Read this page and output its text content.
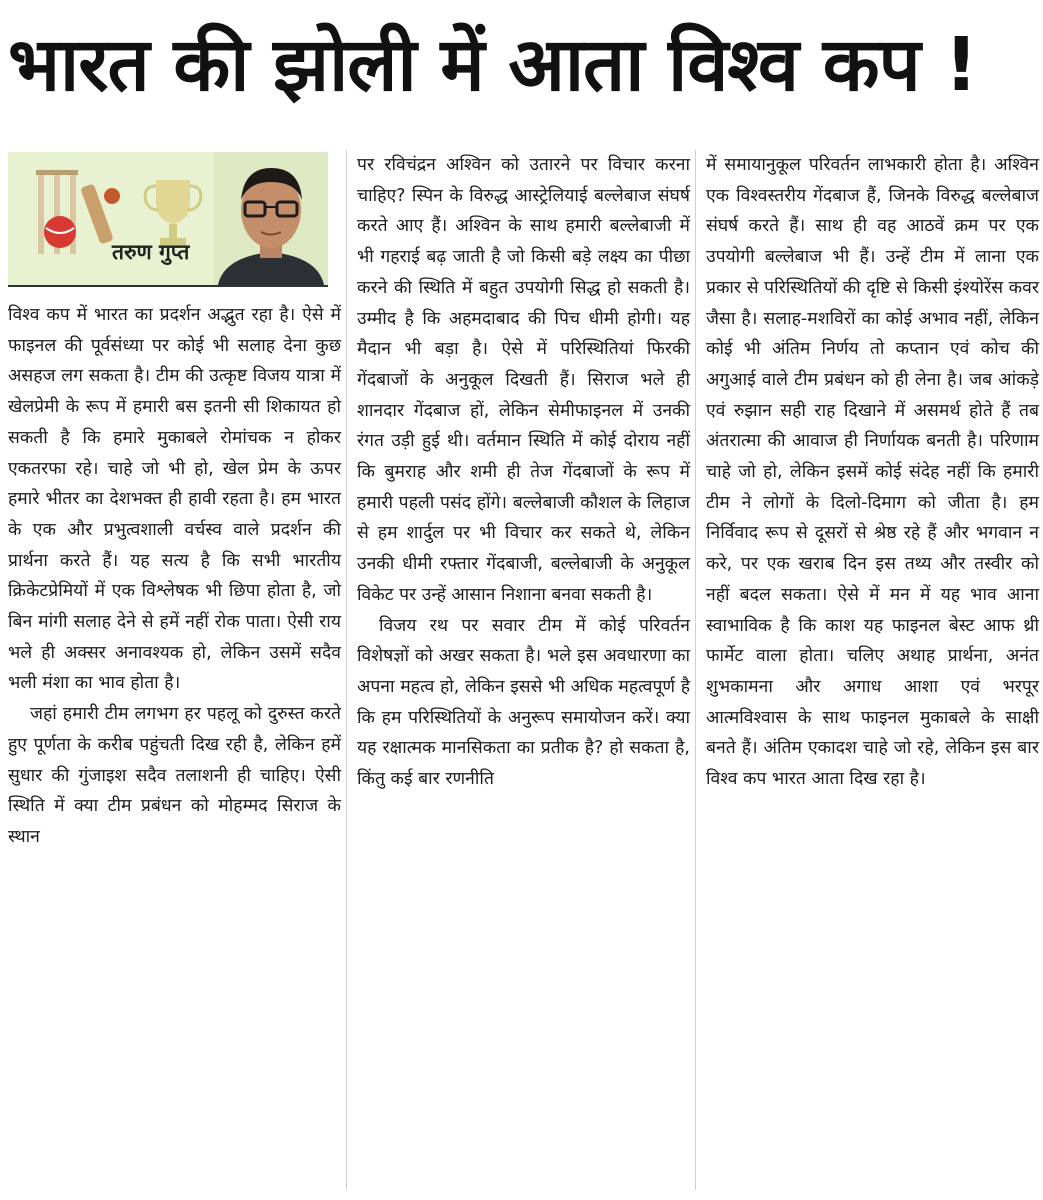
भारत की झोली में आता विश्व कप !
तरुण गुप्त

विश्व कप में भारत का प्रदर्शन अद्भुत रहा है। ऐसे में फाइनल की पूर्वसंध्या पर कोई भी सलाह देना कुछ असहज लग सकता है। टीम की उत्कृष्ट विजय यात्रा में खेलप्रेमी के रूप में हमारी बस इतनी सी शिकायत हो सकती है कि हमारे मुकाबले रोमांचक न होकर एकतरफा रहे। चाहे जो भी हो, खेल प्रेम के ऊपर हमारे भीतर का देशभक्त ही हावी रहता है। हम भारत के एक और प्रभुत्वशाली वर्चस्व वाले प्रदर्शन की प्रार्थना करते हैं। यह सत्य है कि सभी भारतीय क्रिकेटप्रेमियों में एक विश्लेषक भी छिपा होता है, जो बिन मांगी सलाह देने से हमें नहीं रोक पाता। ऐसी राय भले ही अक्सर अनावश्यक हो, लेकिन उसमें सदैव भली मंशा का भाव होता है।

जहां हमारी टीम लगभग हर पहलू को दुरुस्त करते हुए पूर्णता के करीब पहुंचती दिख रही है, लेकिन हमें सुधार की गुंजाइश सदैव तलाशनी ही चाहिए। ऐसी स्थिति में क्या टीम प्रबंधन को मोहम्मद सिराज के स्थान

पर रविचंद्रन अश्विन को उतारने पर विचार करना चाहिए? स्पिन के विरुद्ध आस्ट्रेलियाई बल्लेबाज संघर्ष करते आए हैं। अश्विन के साथ हमारी बल्लेबाजी में भी गहराई बढ़ जाती है जो किसी बड़े लक्ष्य का पीछा करने की स्थिति में बहुत उपयोगी सिद्ध हो सकती है। उम्मीद है कि अहमदाबाद की पिच धीमी होगी। यह मैदान भी बड़ा है। ऐसे में परिस्थितियां फिरकी गेंदबाजों के अनुकूल दिखती हैं। सिराज भले ही शानदार गेंदबाज हों, लेकिन सेमीफाइनल में उनकी रंगत उड़ी हुई थी। वर्तमान स्थिति में कोई दोराय नहीं कि बुमराह और शमी ही तेज गेंदबाजों के रूप में हमारी पहली पसंद होंगे। बल्लेबाजी कौशल के लिहाज से हम शार्दुल पर भी विचार कर सकते थे, लेकिन उनकी धीमी रफ्तार गेंदबाजी, बल्लेबाजी के अनुकूल विकेट पर उन्हें आसान निशाना बनवा सकती है।

विजय रथ पर सवार टीम में कोई परिवर्तन विशेषज्ञों को अखर सकता है। भले इस अवधारणा का अपना महत्व हो, लेकिन इससे भी अधिक महत्वपूर्ण है कि हम परिस्थितियों के अनुरूप समायोजन करें। क्या यह रक्षात्मक मानसिकता का प्रतीक है? हो सकता है, किंतु कई बार रणनीति

में समायानुकूल परिवर्तन लाभकारी होता है। अश्विन एक विश्वस्तरीय गेंदबाज हैं, जिनके विरुद्ध बल्लेबाज संघर्ष करते हैं। साथ ही वह आठवें क्रम पर एक उपयोगी बल्लेबाज भी हैं। उन्हें टीम में लाना एक प्रकार से परिस्थितियों की दृष्टि से किसी इंश्योरेंस कवर जैसा है। सलाह-मशविरों का कोई अभाव नहीं, लेकिन कोई भी अंतिम निर्णय तो कप्तान एवं कोच की अगुआई वाले टीम प्रबंधन को ही लेना है। जब आंकड़े एवं रुझान सही राह दिखाने में असमर्थ होते हैं तब अंतरात्मा की आवाज ही निर्णायक बनती है। परिणाम चाहे जो हो, लेकिन इसमें कोई संदेह नहीं कि हमारी टीम ने लोगों के दिलो-दिमाग को जीता है। हम निर्विवाद रूप से दूसरों से श्रेष्ठ रहे हैं और भगवान न करे, पर एक खराब दिन इस तथ्य और तस्वीर को नहीं बदल सकता। ऐसे में मन में यह भाव आना स्वाभाविक है कि काश यह फाइनल बेस्ट आफ थ्री फार्मेट वाला होता। चलिए अथाह प्रार्थना, अनंत शुभकामना और अगाध आशा एवं भरपूर आत्मविश्वास के साथ फाइनल मुकाबले के साक्षी बनते हैं। अंतिम एकादश चाहे जो रहे, लेकिन इस बार विश्व कप भारत आता दिख रहा है।
